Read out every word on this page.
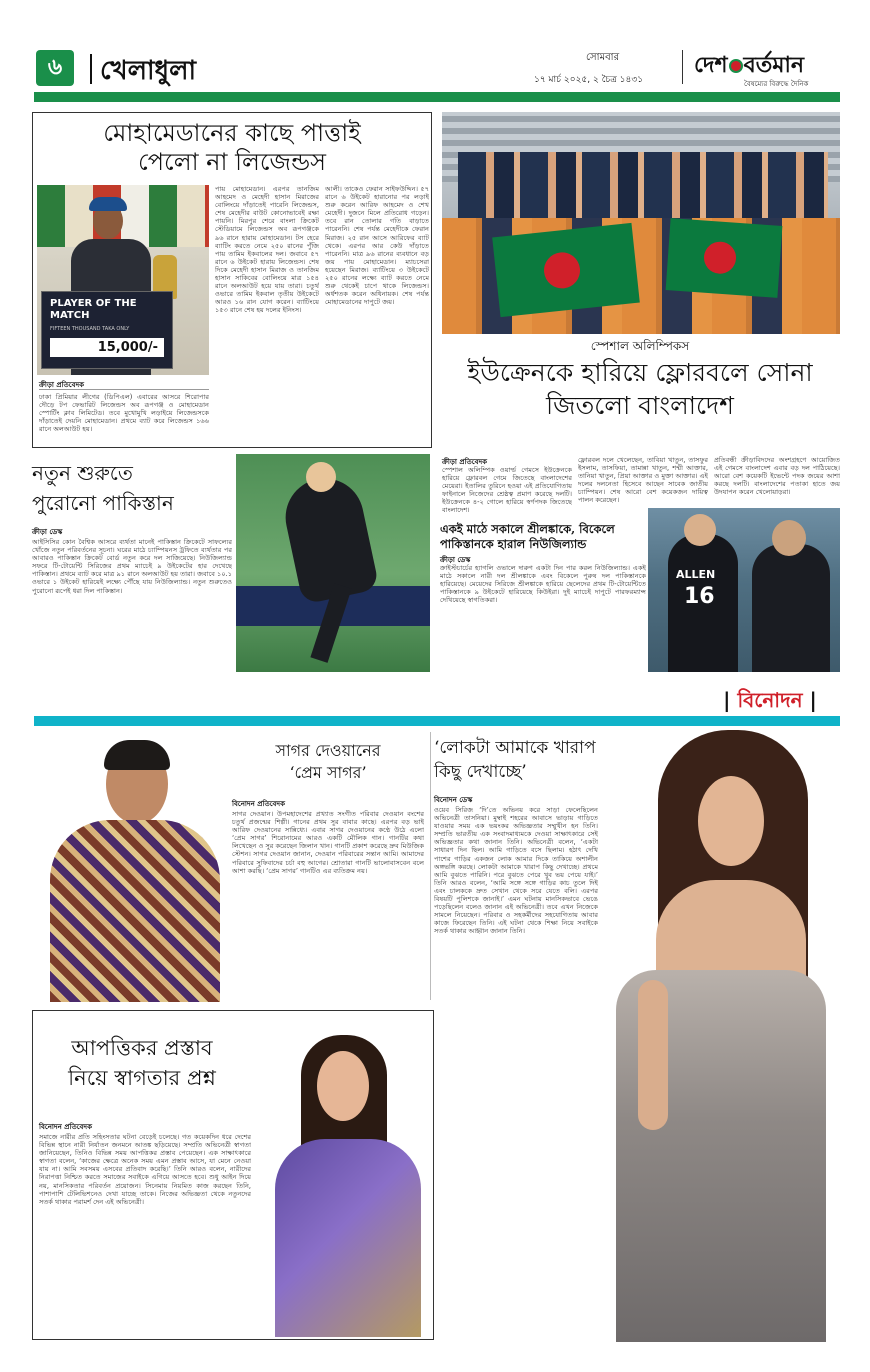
৬	খেলাধুলা	সোমবার
১৭ মার্চ ২০২৫, ২ চৈত্র ১৪৩১
দেশ বর্তমান
বৈষম্যের বিরুদ্ধে দৈনিক
মোহামেডানের কাছে পাত্তাই
পেলো না লিজেন্ডস
PLAYER OF THE MATCH
FIFTEEN THOUSAND TAKA ONLY
15,000/-
ক্রীড়া প্রতিবেদক
ঢাকা প্রিমিয়ার লীগের (ডিপিএল) এবারের আসরে শিরোপার দৌড়ে টপ ফেভারিট লিজেন্ডস অব রূপগঞ্জ ও মোহামেডান স্পোর্টিং ক্লাব লিমিটেড। তবে মুখোমুখি লড়াইয়ে লিজেন্ডসকে দাঁড়াতেই দেয়নি মোহামেডান। প্রথমে ব্যাট করে লিজেন্ডস ১৬৬ রানে অলআউট হয়।
পায় মোহামেডান। এরপর তানজিম আহমেদ ও মেহেদী হাসান মিরাজের বোলিংয়ে দাঁড়াতেই পারেনি লিজেন্ডস, শেষ মেহেদীর বাউট কোনোভাবেই রক্ষা পায়নি। মিরপুর শেরে বাংলা ক্রিকেট স্টেডিয়ামে লিজেন্ডস অব রূপগঞ্জকে ৯৬ রানে হারায় মোহামেডান। টস হেরে ব্যাটিং করতে নেমে ২৫০ রানের পুঁজি পায় তামিম ইকবালের দল। জবাবে ৫৭ রানে ৬ উইকেট হারায় লিজেন্ডস। শেষ দিকে মেহেদী হাসান মিরাজ ও তানজিম হাসান সাকিবের বোলিংয়ে মাত্র ১৫৪ রানে অলআউট হয়ে যায় তারা। চতুর্থ ওভারে তামিম ইকবাল তৃতীয় উইকেটে আরও ১৬ রান যোগ করেন। ব্যাটিংয়ে ১৫৩ রানে শেষ হয় দলের ইনিংস।
আলী। তাকেও ফেরান সাইফউদ্দিন। ৫৭ রানে ৬ উইকেট হারানোর পর লড়াই শুরু করেন আরিফ আহমেদ ও শেখ মেহেদী। দুজনে মিলে প্রতিরোধ গড়েন। তবে রান তোলার গতি বাড়াতে পারেননি। শেষ পর্যন্ত মেহেদীকে ফেরান মিরাজ। ২৫ রান আসে আরিফের ব্যাট থেকে। এরপর আর কেউ দাঁড়াতে পারেননি। মাত্র ৯৬ রানের ব্যবধানে বড় জয় পায় মোহামেডান। ম্যাচসেরা হয়েছেন মিরাজ। ব্যাটিংয়ে ৩ উইকেটে ২৫০ রানের লক্ষ্যে ব্যাট করতে নেমে শুরু থেকেই চাপে থাকে লিজেন্ডস। অর্ধশতক করেন অধিনায়ক। শেষ পর্যন্ত মোহামেডানের দাপুটে জয়।
স্পেশাল অলিম্পিকস
ইউক্রেনকে হারিয়ে ফ্লোরবলে সোনা
জিতলো বাংলাদেশ
ক্রীড়া প্রতিবেদক
স্পেশাল অলিম্পিক ওয়ার্ল্ড গেমসে ইউক্রেনকে হারিয়ে ফ্লোরবল গেমে জিতেছে বাংলাদেশের মেয়েরা। ইতালির তুরিনে হওয়া এই প্রতিযোগিতায় ফাইনালে নিজেদের শ্রেষ্ঠত্ব প্রমাণ করেছে দলটি। ইউক্রেনকে ৪-২ গোলে হারিয়ে স্বর্ণপদক জিতেছে বাংলাদেশ।
ফ্লোরবল দলে খেলেছেন, তাবিয়া খাতুন, তাসফুর ইসলাম, তাসফিয়া, তামান্না খাতুন, শম্মী আক্তার, তানিয়া খাতুন, প্রিয়া আক্তার ও মুক্তা আক্তার। এই দলের দলনেতা হিসেবে আছেন সাবেক জাতীয় চ্যাম্পিয়ন। শেষ আরো বেশ কয়েকজন দায়িত্ব পালন করেছেন।
প্রতিবন্ধী ক্রীড়াবিদদের অংশগ্রহণে আয়োজিত এই গেমসে বাংলাদেশ এবার বড় দল পাঠিয়েছে। আরো বেশ কয়েকটি ইভেন্টে পদক জয়ের আশা করছে দলটি। বাংলাদেশের পতাকা হাতে জয় উদযাপন করেন খেলোয়াড়রা।
নতুন শুরুতে
পুরোনো পাকিস্তান
ক্রীড়া ডেস্ক
আইসিসির কোন বৈশ্বিক আসরে ব্যর্থতা মানেই পাকিস্তান ক্রিকেটে সাফল্যের খোঁজে নতুন পরিবর্তনের সূচনা। ঘরের মাঠে চ্যাম্পিয়নস ট্রফিতে ব্যর্থতার পর আবারও পাকিস্তান ক্রিকেট বোর্ড নতুন করে দল সাজিয়েছে। নিউজিল্যান্ড সফরে টি-টোয়েন্টি সিরিজের প্রথম ম্যাচেই ৯ উইকেটের হার দেখেছে পাকিস্তান। প্রথমে ব্যাট করে মাত্র ৯১ রানে অলআউট হয় তারা। জবাবে ১০.১ ওভারে ১ উইকেট হারিয়েই লক্ষ্যে পৌঁছে যায় নিউজিল্যান্ড। নতুন শুরুতেও পুরোনো রূপেই ধরা দিল পাকিস্তান।
একই মাঠে সকালে শ্রীলঙ্কাকে, বিকেলে
পাকিস্তানকে হারাল নিউজিল্যান্ড
ক্রীড়া ডেস্ক
ক্রাইস্টচার্চের হ্যাগলি ওভালে দারুণ একটা দিন পার করল নিউজিল্যান্ড। একই মাঠে সকালে নারী দল শ্রীলঙ্কাকে এবং বিকেলে পুরুষ দল পাকিস্তানকে হারিয়েছে। মেয়েদের সিরিজে শ্রীলঙ্কাকে হারিয়ে ছেলেদের প্রথম টি-টোয়েন্টিতে পাকিস্তানকে ৯ উইকেটে হারিয়েছে কিউইরা। দুই ম্যাচেই দাপুটে পারফরম্যান্স দেখিয়েছে স্বাগতিকরা।
ALLEN
16
| বিনোদন |
সাগর দেওয়ানের
‘প্রেম সাগর’
বিনোদন প্রতিবেদক
সাগর দেওয়ান। উপমহাদেশের প্রখ্যাত সংগীত পরিবার দেওয়ান বংশের চতুর্থ প্রজন্মের শিল্পী। গানের প্রথম সুর বাবার কাছে। এরপর বড় ভাই আরিফ দেওয়ানের সান্নিধ্যে। এবার সাগর দেওয়ানের কণ্ঠে উঠে এলো ‘প্রেম সাগর’ শিরোনামের আরও একটি মৌলিক গান। গানটির কথা লিখেছেন ও সুর করেছেন জিলান খান। গানটি প্রকাশ করেছে দ্রুব মিউজিক স্টেশন। সাগর দেওয়ান জানান, দেওয়ান পরিবারের সন্তান আমি। আমাদের পরিবারে সুফিবাদের চর্চা বহু আগের। শ্রোতারা গানটি ভালোবাসবেন বলে আশা করছি। ‘প্রেম সাগর’ গানটিও এর ব্যতিক্রম নয়।
‘লোকটা আমাকে খারাপ
কিছু দেখাচ্ছে’
বিনোদন ডেস্ক
ওয়েব সিরিজ ‘দি’তে অভিনয় করে সাড়া ফেলেছিলেন অভিনেত্রী তাসনিয়া। মুম্বাই শহরের আবাসে ভাড়ায় গাড়িতে যাওয়ার সময় এক ভয়ংকর অভিজ্ঞতার সম্মুখীন হন তিনি। সম্প্রতি ভারতীয় এক সংবাদমাধ্যমকে দেওয়া সাক্ষাৎকারে সেই অভিজ্ঞতার কথা জানান তিনি। অভিনেত্রী বলেন, ‘একটা সাধারণ দিন ছিল। আমি গাড়িতে বসে ছিলাম। হঠাৎ দেখি পাশের গাড়ির একজন লোক আমার দিকে তাকিয়ে অশালীন অঙ্গভঙ্গি করছে। লোকটা আমাকে খারাপ কিছু দেখাচ্ছে। প্রথমে আমি বুঝতে পারিনি। পরে বুঝতে পেরে খুব ভয় পেয়ে যাই।’ তিনি আরও বলেন, ‘আমি সঙ্গে সঙ্গে গাড়ির কাচ তুলে দিই এবং চালককে দ্রুত সেখান থেকে সরে যেতে বলি। এরপর বিষয়টি পুলিশকে জানাই।’ এমন ঘটনায় মানসিকভাবে ভেঙে পড়েছিলেন বলেও জানান এই অভিনেত্রী। তবে এখন নিজেকে সামলে নিয়েছেন। পরিবার ও সহকর্মীদের সহযোগিতায় আবার কাজে ফিরেছেন তিনি। এই ঘটনা থেকে শিক্ষা নিয়ে সবাইকে সতর্ক থাকার আহ্বান জানান তিনি।
আপত্তিকর প্রস্তাব
নিয়ে স্বাগতার প্রশ্ন
বিনোদন প্রতিবেদক
সমাজে নারীর প্রতি সহিংসতার ঘটনা বেড়েই চলেছে। গত কয়েকদিন ধরে দেশের বিভিন্ন স্থানে নারী নির্যাতন জনমনে আতঙ্ক ছড়িয়েছে। সম্প্রতি অভিনেত্রী স্বাগতা জানিয়েছেন, তিনিও বিভিন্ন সময় আপত্তিকর প্রস্তাব পেয়েছেন। এক সাক্ষাৎকারে স্বাগতা বলেন, ‘কাজের ক্ষেত্রে অনেক সময় এমন প্রস্তাব আসে, যা মেনে নেওয়া যায় না। আমি সবসময় এসবের প্রতিবাদ করেছি।’ তিনি আরও বলেন, নারীদের নিরাপত্তা নিশ্চিত করতে সমাজের সবাইকে এগিয়ে আসতে হবে। শুধু আইন দিয়ে নয়, মানসিকতার পরিবর্তন প্রয়োজন। সিনেমায় নিয়মিত কাজ করছেন তিনি, পাশাপাশি টেলিভিশনেও দেখা যাচ্ছে তাকে। নিজের অভিজ্ঞতা থেকে নতুনদের সতর্ক থাকার পরামর্শ দেন এই অভিনেত্রী।
